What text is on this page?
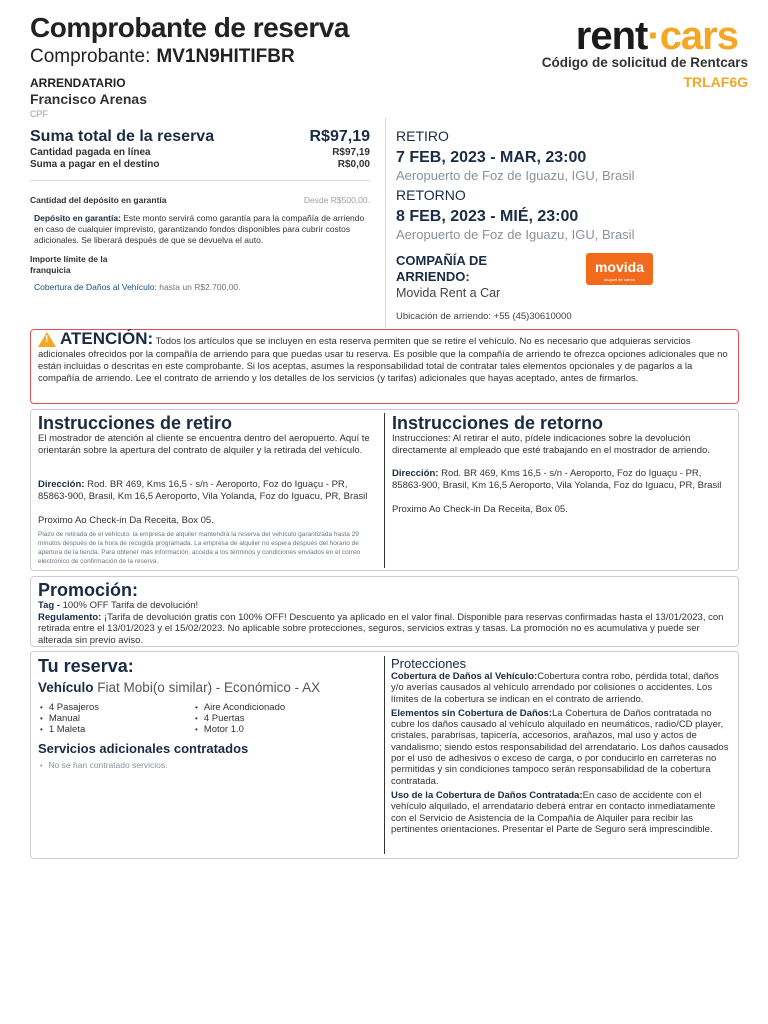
Comprobante de reserva
Comprobante: MV1N9HITIFBR	rent·cars
Código de solicitud de Rentcars
TRLAF6G
ARRENDATARIO
Francisco Arenas
CPF
Suma total de la reserva	R$97,19
Cantidad pagada en línea	R$97,19
Suma a pagar en el destino	R$0,00
Cantidad del depósito en garantía	Desde R$500,00.
Depósito en garantía: Este monto servirá como garantía para la compañía de arriendo en caso de cualquier imprevisto, garantizando fondos disponibles para cubrir costos adicionales. Se liberará después de que se devuelva el auto.
Importe límite de la franquicia
Cobertura de Daños al Vehículo: hasta un R$2.700,00.
RETIRO
7 FEB, 2023 - MAR, 23:00
Aeropuerto de Foz de Iguazu, IGU, Brasil
RETORNO
8 FEB, 2023 - MIÉ, 23:00
Aeropuerto de Foz de Iguazu, IGU, Brasil
COMPAÑÍA DE ARRIENDO:
Movida Rent a Car
movida
aluguel de carros
Ubicación de arriendo: +55 (45)30610000
!ATENCIÓN: Todos los artículos que se incluyen en esta reserva permiten que se retire el vehículo. No es necesario que adquieras servicios adicionales ofrecidos por la compañía de arriendo para que puedas usar tu reserva. Es posible que la compañía de arriendo te ofrezca opciones adicionales que no están incluidas o descritas en este comprobante. Si los aceptas, asumes la responsabilidad total de contratar tales elementos opcionales y de pagarlos a la compañía de arriendo. Lee el contrato de arriendo y los detalles de los servicios (y tarifas) adicionales que hayas aceptado, antes de firmarlos.
Instrucciones de retiro
El mostrador de atención al cliente se encuentra dentro del aeropuerto. Aquí te orientarán sobre la apertura del contrato de alquiler y la retirada del vehículo.
Dirección: Rod. BR 469, Kms 16,5 - s/n - Aeroporto, Foz do Iguaçu - PR, 85863-900, Brasil, Km 16,5 Aeroporto, Vila Yolanda, Foz do Iguacu, PR, Brasil
Proximo Ao Check-in Da Receita, Box 05.
Plazo de retirada de el vehículo: la empresa de alquiler mantendrá la reserva del vehículo garantizada hasta 29 minutos después de la hora de recogida programada. La empresa de alquiler no espera después del horario de apertura de la tienda. Para obtener más información, acceda a los términos y condiciones enviados en el correo electrónico de confirmación de la reserva.
Instrucciones de retorno
Instrucciones: Al retirar el auto, pídele indicaciones sobre la devolución directamente al empleado que esté trabajando en el mostrador de arriendo.
Dirección: Rod. BR 469, Kms 16,5 - s/n - Aeroporto, Foz do Iguaçu - PR, 85863-900, Brasil, Km 16,5 Aeroporto, Vila Yolanda, Foz do Iguacu, PR, Brasil
Proximo Ao Check-in Da Receita, Box 05.
Promoción:
Tag - 100% OFF Tarifa de devolución!
Regulamento: ¡Tarifa de devolución gratis con 100% OFF! Descuento ya aplicado en el valor final. Disponible para reservas confirmadas hasta el 13/01/2023, con retirada entre el 13/01/2023 y el 15/02/2023. No aplicable sobre protecciones, seguros, servicios extras y tasas. La promoción no es acumulativa y puede ser alterada sin previo aviso.
Tu reserva:
Vehículo Fiat Mobi(o similar) - Económico - AX
• 4 Pasajeros	• Aire Acondicionado
• Manual	• 4 Puertas
• 1 Maleta	• Motor 1.0
Servicios adicionales contratados
• No se han contratado servicios.
Protecciones

Cobertura de Daños al Vehículo:Cobertura contra robo, pérdida total, daños y/o averías causados al vehículo arrendado por colisiones o accidentes. Los límites de la cobertura se indican en el contrato de arriendo.

Elementos sin Cobertura de Daños:La Cobertura de Daños contratada no cubre los daños causado al vehículo alquilado en neumáticos, radio/CD player, cristales, parabrisas, tapicería, accesorios, arañazos, mal uso y actos de vandalismo; siendo estos responsabilidad del arrendatario. Los daños causados por el uso de adhesivos o exceso de carga, o por conducirlo en carreteras no permitidas y sin condiciones tampoco serán responsabilidad de la cobertura contratada.

Uso de la Cobertura de Daños Contratada:En caso de accidente con el vehículo alquilado, el arrendatario deberá entrar en contacto inmediatamente con el Servicio de Asistencia de la Compañía de Alquiler para recibir las pertinentes orientaciones. Presentar el Parte de Seguro será imprescindible.
